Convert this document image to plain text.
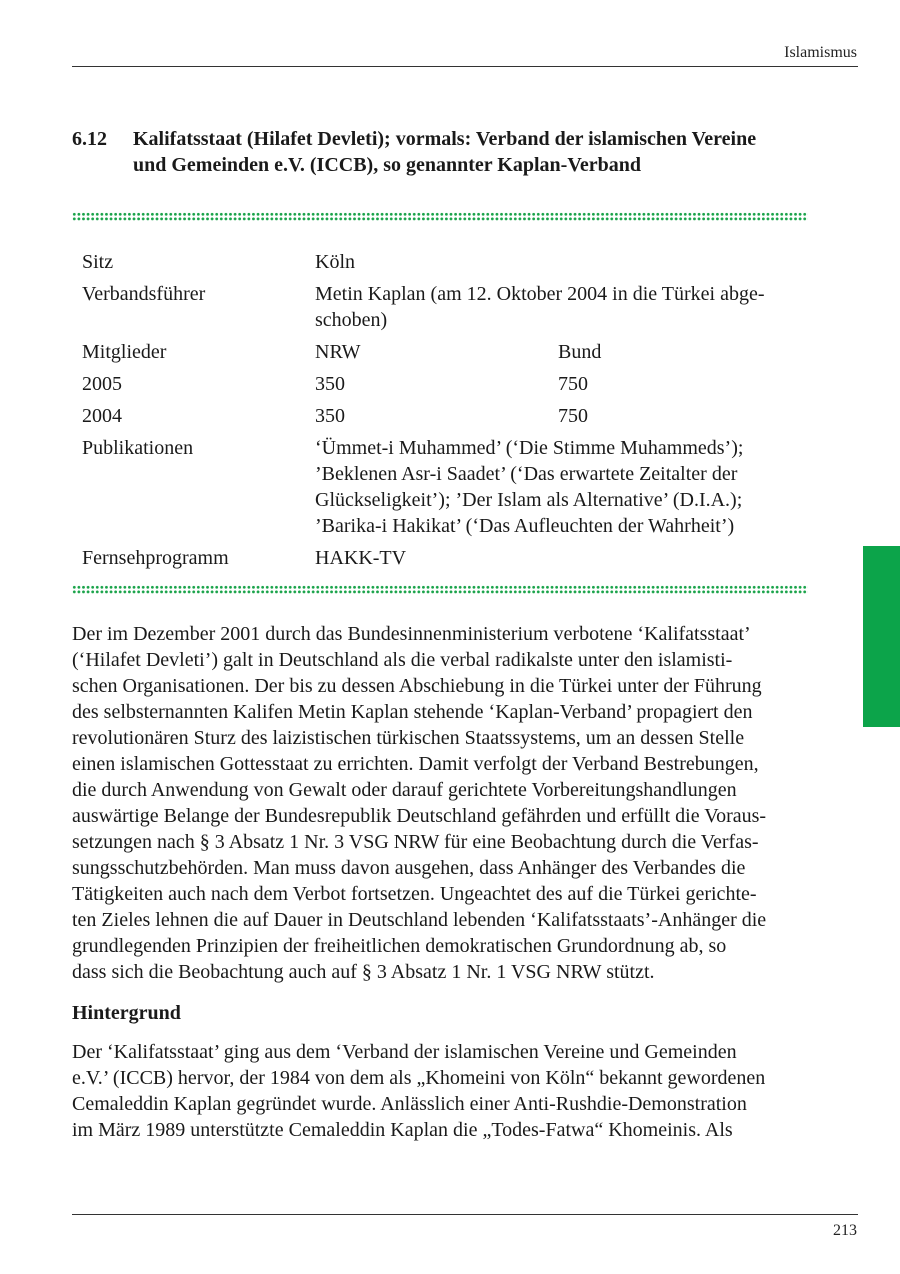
Islamismus
6.12	Kalifatsstaat (Hilafet Devleti); vormals: Verband der islamischen Vereine
und Gemeinden e.V. (ICCB), so genannter Kaplan-Verband
Sitz	Köln
Verbandsführer	Metin Kaplan (am 12. Oktober 2004 in die Türkei abge-
schoben)
Mitglieder	NRW	Bund
2005	350	750
2004	350	750
Publikationen	‘Ümmet-i Muhammed’ (‘Die Stimme Muhammeds’);
’Beklenen Asr-i Saadet’ (‘Das erwartete Zeitalter der
Glückseligkeit’); ’Der Islam als Alternative’ (D.I.A.);
’Barika-i Hakikat’ (‘Das Aufleuchten der Wahrheit’)
Fernsehprogramm	HAKK-TV
Der im Dezember 2001 durch das Bundesinnenministerium verbotene ‘Kalifatsstaat’
(‘Hilafet Devleti’) galt in Deutschland als die verbal radikalste unter den islamisti-
schen Organisationen. Der bis zu dessen Abschiebung in die Türkei unter der Führung
des selbsternannten Kalifen Metin Kaplan stehende ‘Kaplan-Verband’ propagiert den
revolutionären Sturz des laizistischen türkischen Staatssystems, um an dessen Stelle
einen islamischen Gottesstaat zu errichten. Damit verfolgt der Verband Bestrebungen,
die durch Anwendung von Gewalt oder darauf gerichtete Vorbereitungshandlungen
auswärtige Belange der Bundesrepublik Deutschland gefährden und erfüllt die Voraus-
setzungen nach § 3 Absatz 1 Nr. 3 VSG NRW für eine Beobachtung durch die Verfas-
sungsschutzbehörden. Man muss davon ausgehen, dass Anhänger des Verbandes die
Tätigkeiten auch nach dem Verbot fortsetzen. Ungeachtet des auf die Türkei gerichte-
ten Zieles lehnen die auf Dauer in Deutschland lebenden ‘Kalifatsstaats’-Anhänger die
grundlegenden Prinzipien der freiheitlichen demokratischen Grundordnung ab, so
dass sich die Beobachtung auch auf § 3 Absatz 1 Nr. 1 VSG NRW stützt.
Hintergrund
Der ‘Kalifatsstaat’ ging aus dem ‘Verband der islamischen Vereine und Gemeinden
e.V.’ (ICCB) hervor, der 1984 von dem als „Khomeini von Köln“ bekannt gewordenen
Cemaleddin Kaplan gegründet wurde. Anlässlich einer Anti-Rushdie-Demonstration
im März 1989 unterstützte Cemaleddin Kaplan die „Todes-Fatwa“ Khomeinis. Als
213
